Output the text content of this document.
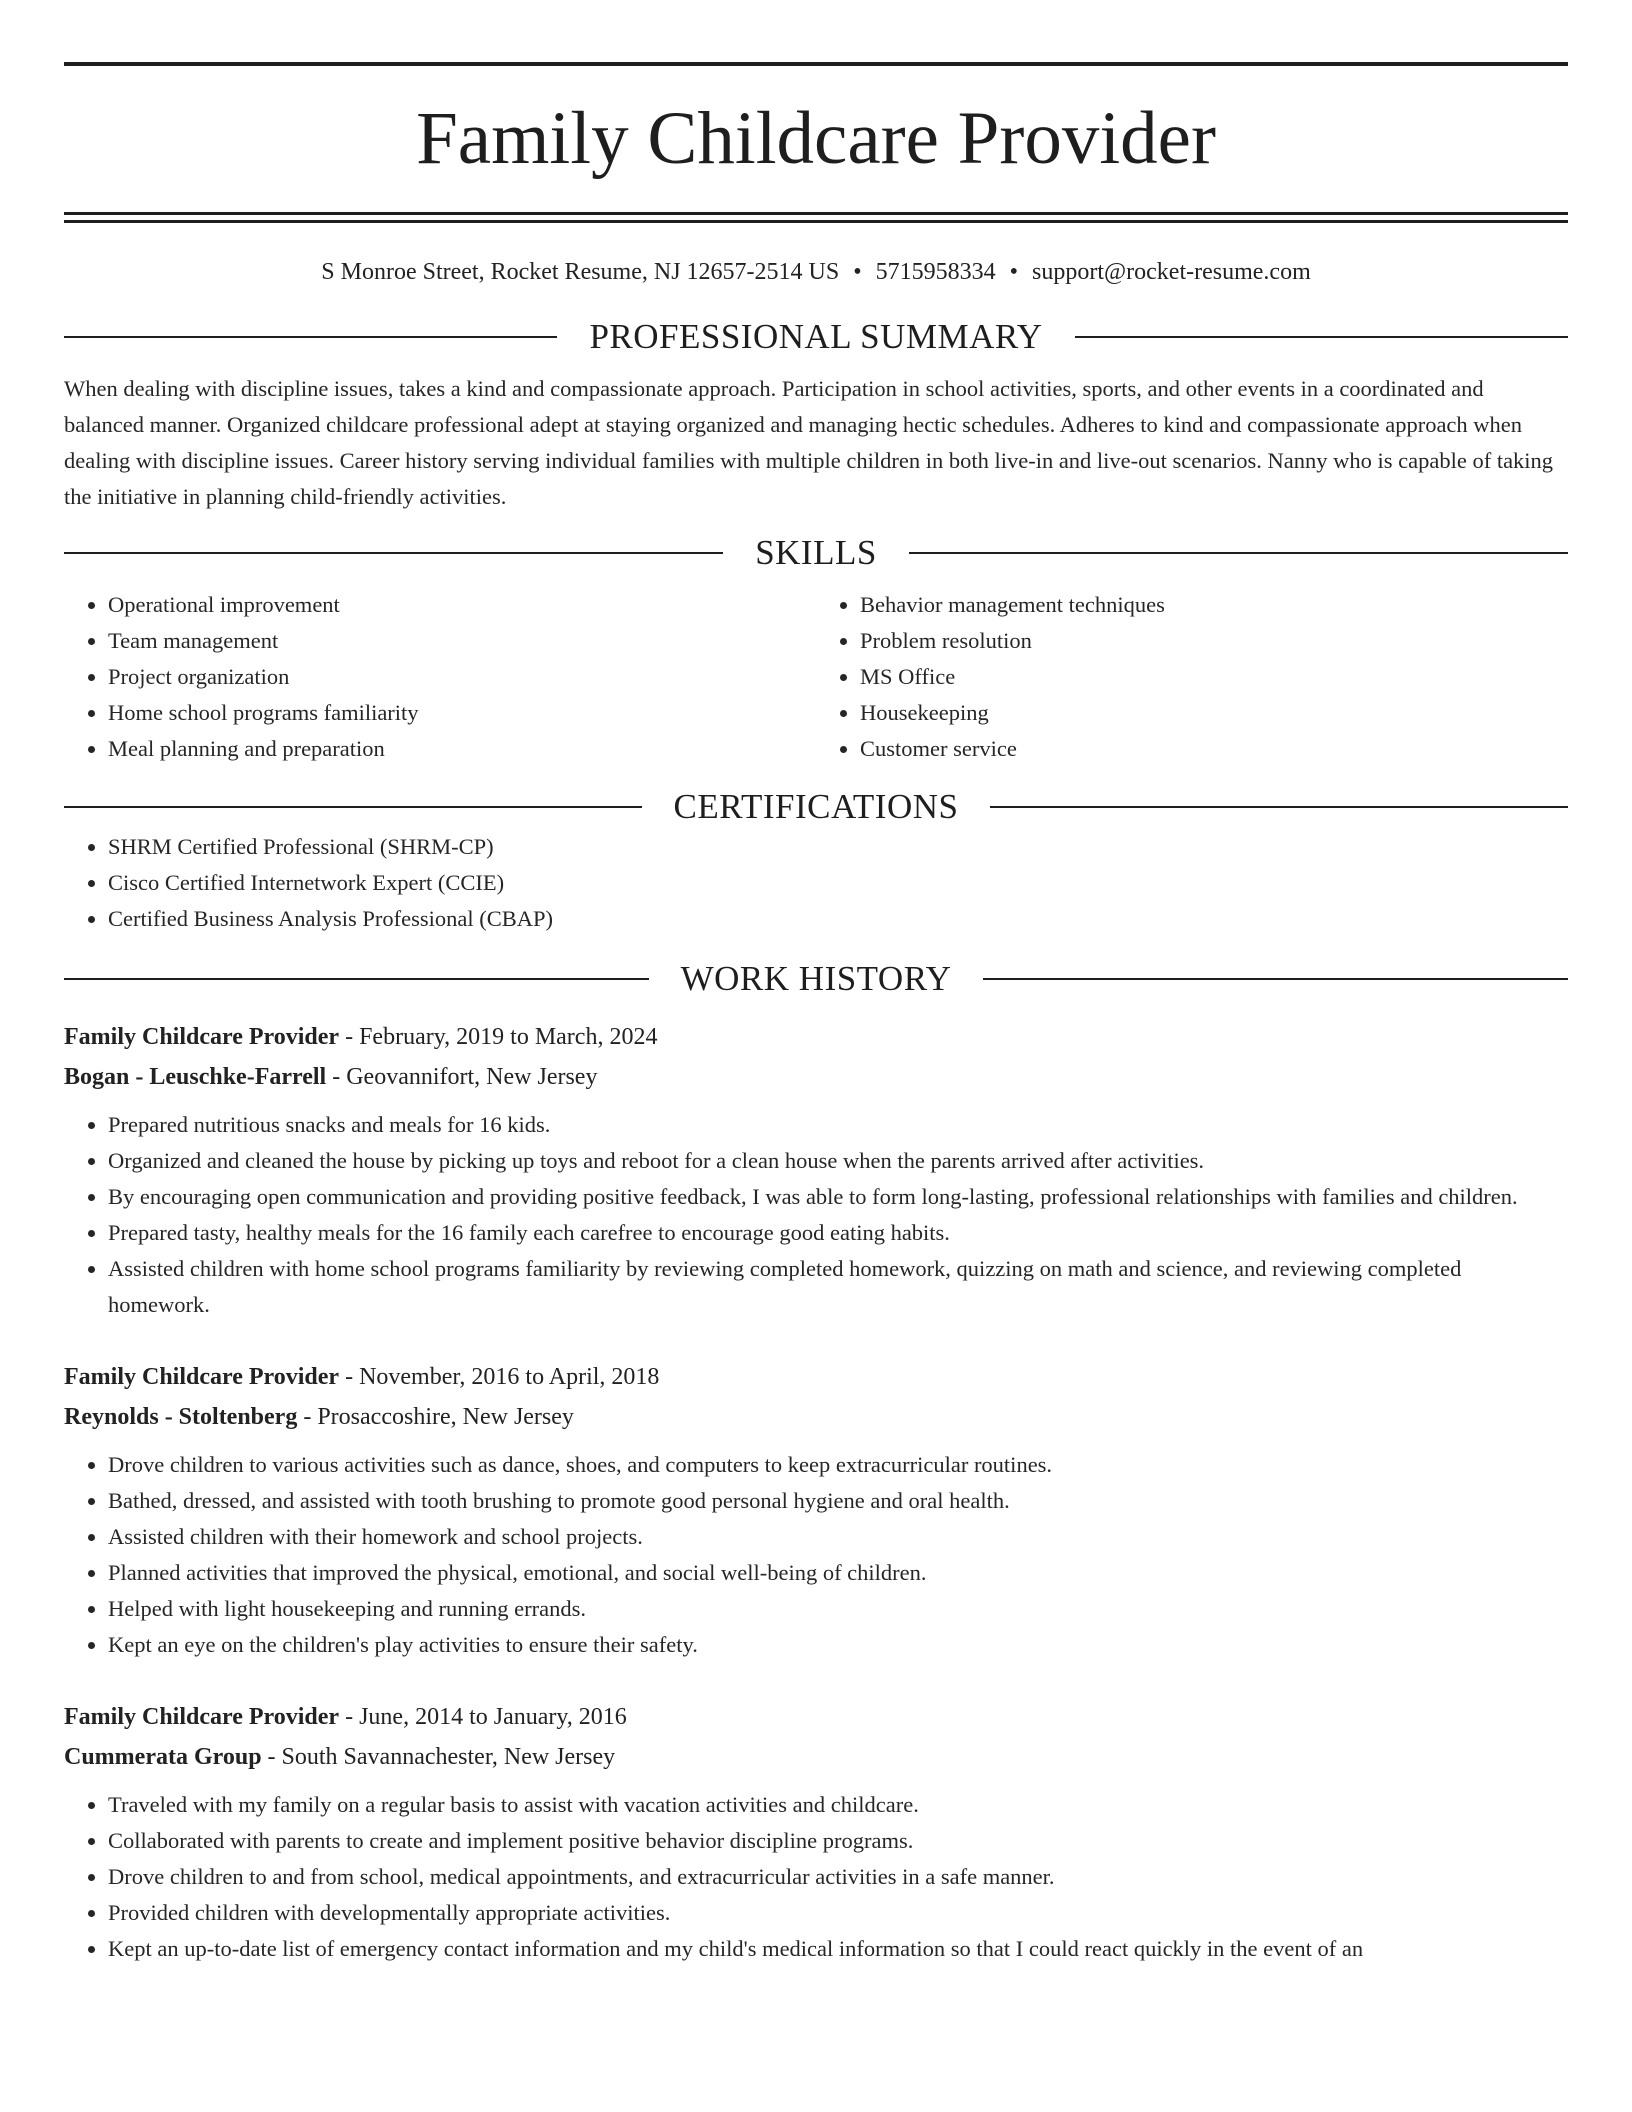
Family Childcare Provider
S Monroe Street, Rocket Resume, NJ 12657-2514 US • 5715958334 • support@rocket-resume.com
PROFESSIONAL SUMMARY
When dealing with discipline issues, takes a kind and compassionate approach. Participation in school activities, sports, and other events in a coordinated and balanced manner. Organized childcare professional adept at staying organized and managing hectic schedules. Adheres to kind and compassionate approach when dealing with discipline issues. Career history serving individual families with multiple children in both live-in and live-out scenarios. Nanny who is capable of taking the initiative in planning child-friendly activities.
SKILLS
• Operational improvement
• Team management
• Project organization
• Home school programs familiarity
• Meal planning and preparation
• Behavior management techniques
• Problem resolution
• MS Office
• Housekeeping
• Customer service
CERTIFICATIONS
• SHRM Certified Professional (SHRM-CP)
• Cisco Certified Internetwork Expert (CCIE)
• Certified Business Analysis Professional (CBAP)
WORK HISTORY
Family Childcare Provider - February, 2019 to March, 2024
Bogan - Leuschke-Farrell - Geovannifort, New Jersey
• Prepared nutritious snacks and meals for 16 kids.
• Organized and cleaned the house by picking up toys and reboot for a clean house when the parents arrived after activities.
• By encouraging open communication and providing positive feedback, I was able to form long-lasting, professional relationships with families and children.
• Prepared tasty, healthy meals for the 16 family each carefree to encourage good eating habits.
• Assisted children with home school programs familiarity by reviewing completed homework, quizzing on math and science, and reviewing completed homework.
Family Childcare Provider - November, 2016 to April, 2018
Reynolds - Stoltenberg - Prosaccoshire, New Jersey
• Drove children to various activities such as dance, shoes, and computers to keep extracurricular routines.
• Bathed, dressed, and assisted with tooth brushing to promote good personal hygiene and oral health.
• Assisted children with their homework and school projects.
• Planned activities that improved the physical, emotional, and social well-being of children.
• Helped with light housekeeping and running errands.
• Kept an eye on the children's play activities to ensure their safety.
Family Childcare Provider - June, 2014 to January, 2016
Cummerata Group - South Savannachester, New Jersey
• Traveled with my family on a regular basis to assist with vacation activities and childcare.
• Collaborated with parents to create and implement positive behavior discipline programs.
• Drove children to and from school, medical appointments, and extracurricular activities in a safe manner.
• Provided children with developmentally appropriate activities.
• Kept an up-to-date list of emergency contact information and my child's medical information so that I could react quickly in the event of an
